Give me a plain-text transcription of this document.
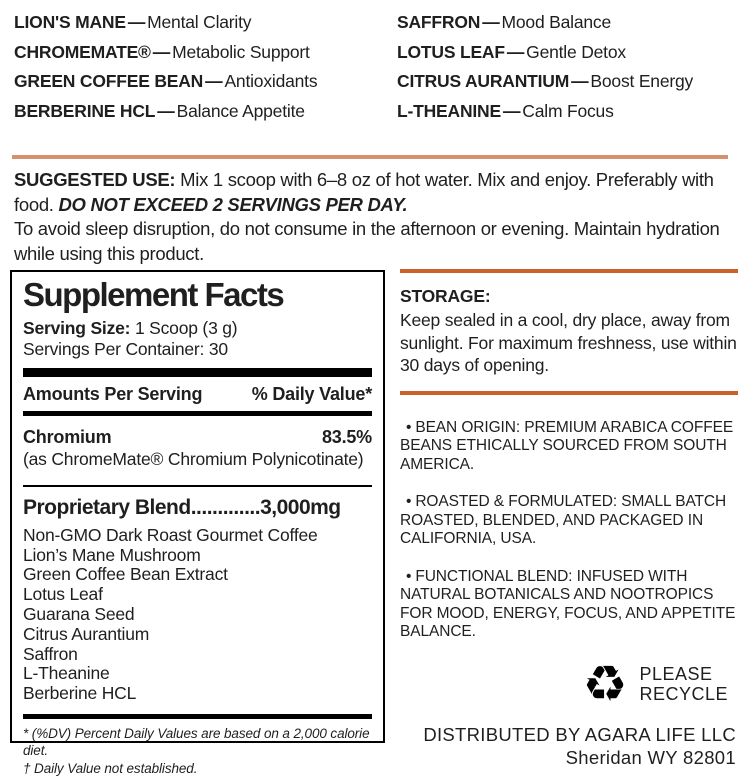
LION'S MANE — Mental Clarity
CHROMEMATE® — Metabolic Support
GREEN COFFEE BEAN — Antioxidants
BERBERINE HCL — Balance Appetite
SAFFRON — Mood Balance
LOTUS LEAF — Gentle Detox
CITRUS AURANTIUM — Boost Energy
L-THEANINE — Calm Focus

SUGGESTED USE: Mix 1 scoop with 6–8 oz of hot water. Mix and enjoy. Preferably with food. DO NOT EXCEED 2 SERVINGS PER DAY.

To avoid sleep disruption, do not consume in the afternoon or evening. Maintain hydration while using this product.

Supplement Facts
Serving Size: 1 Scoop (3 g)
Servings Per Container: 30
Amounts Per Serving	% Daily Value*
Chromium	83.5%
(as ChromeMate® Chromium Polynicotinate)
Proprietary Blend.............3,000mg
Non-GMO Dark Roast Gourmet Coffee
Lion’s Mane Mushroom
Green Coffee Bean Extract
Lotus Leaf
Guarana Seed
Citrus Aurantium
Saffron
L-Theanine
Berberine HCL
* (%DV) Percent Daily Values are based on a 2,000 calorie diet.
† Daily Value not established.
STORAGE:
Keep sealed in a cool, dry place, away from sunlight. For maximum freshness, use within 30 days of opening.
• BEAN ORIGIN: PREMIUM ARABICA COFFEE BEANS ETHICALLY SOURCED FROM SOUTH AMERICA.
• ROASTED & FORMULATED: SMALL BATCH ROASTED, BLENDED, AND PACKAGED IN CALIFORNIA, USA.
• FUNCTIONAL BLEND: INFUSED WITH NATURAL BOTANICALS AND NOOTROPICS FOR MOOD, ENERGY, FOCUS, AND APPETITE BALANCE.
♻ PLEASE
RECYCLE
DISTRIBUTED BY AGARA LIFE LLC
Sheridan WY 82801
